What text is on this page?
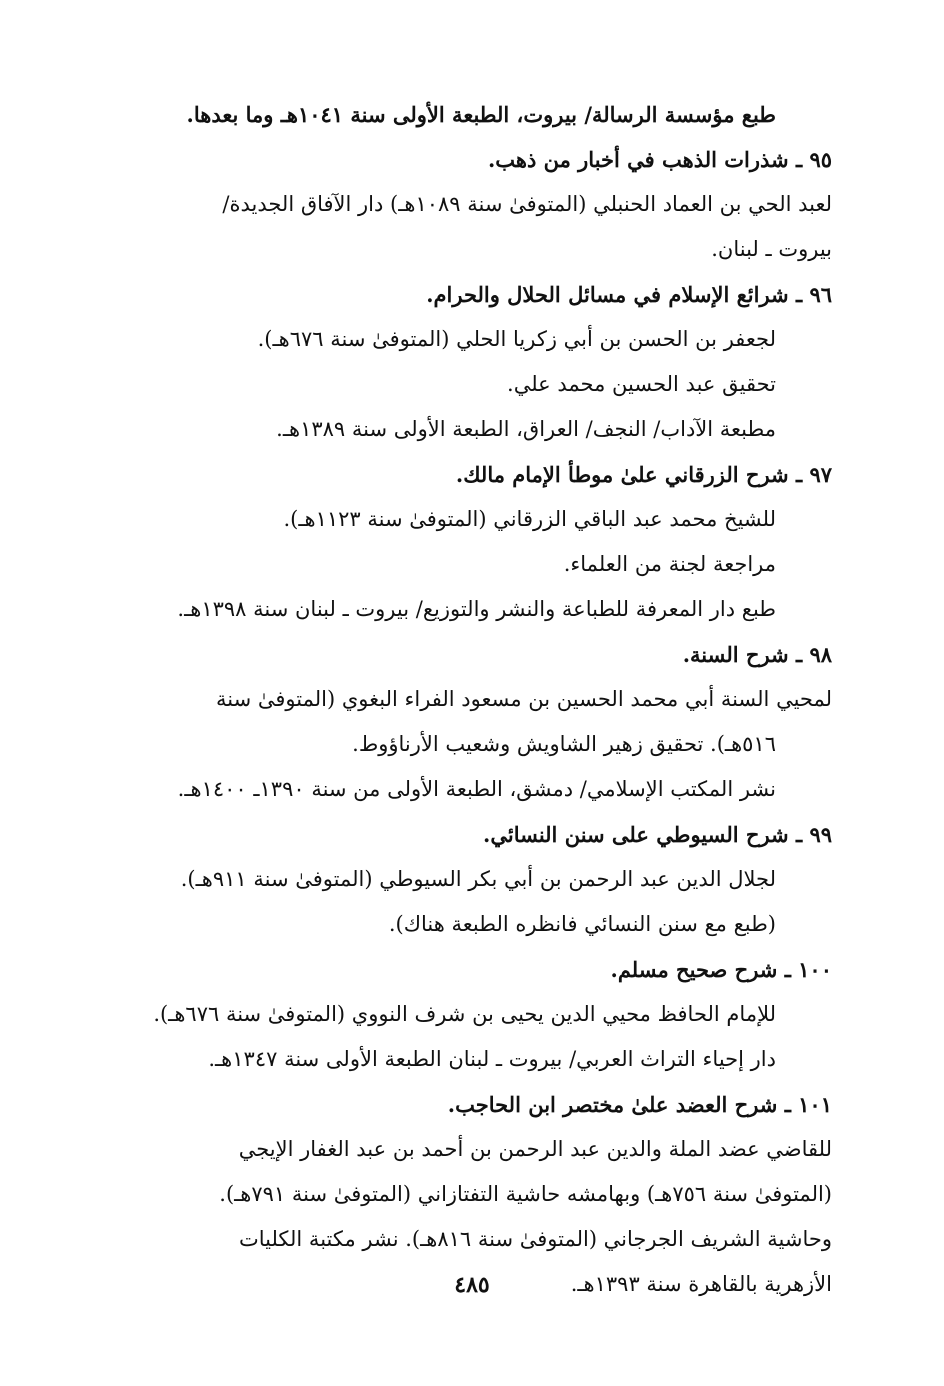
طبع مؤسسة الرسالة/ بيروت، الطبعة الأولى سنة ١٠٤١هـ وما بعدها.
٩٥ ـ شذرات الذهب في أخبار من ذهب.
لعبد الحي بن العماد الحنبلي (المتوفىٰ سنة ١٠٨٩هـ) دار الآفاق الجديدة/
بيروت ـ لبنان.
٩٦ ـ شرائع الإسلام في مسائل الحلال والحرام.
لجعفر بن الحسن بن أبي زكريا الحلي (المتوفىٰ سنة ٦٧٦هـ).
تحقيق عبد الحسين محمد علي.
مطبعة الآداب/ النجف/ العراق، الطبعة الأولى سنة ١٣٨٩هـ.
٩٧ ـ شرح الزرقاني علىٰ موطأ الإمام مالك.
للشيخ محمد عبد الباقي الزرقاني (المتوفىٰ سنة ١١٢٣هـ).
مراجعة لجنة من العلماء.
طبع دار المعرفة للطباعة والنشر والتوزيع/ بيروت ـ لبنان سنة ١٣٩٨هـ.
٩٨ ـ شرح السنة.
لمحيي السنة أبي محمد الحسين بن مسعود الفراء البغوي (المتوفىٰ سنة
٥١٦هـ). تحقيق زهير الشاويش وشعيب الأرناؤوط.
نشر المكتب الإسلامي/ دمشق، الطبعة الأولى من سنة ١٣٩٠ـ ١٤٠٠هـ.
٩٩ ـ شرح السيوطي على سنن النسائي.
لجلال الدين عبد الرحمن بن أبي بكر السيوطي (المتوفىٰ سنة ٩١١هـ).
(طبع مع سنن النسائي فانظره الطبعة هناك).
١٠٠ ـ شرح صحيح مسلم.
للإمام الحافظ محيي الدين يحيى بن شرف النووي (المتوفىٰ سنة ٦٧٦هـ).
دار إحياء التراث العربي/ بيروت ـ لبنان الطبعة الأولى سنة ١٣٤٧هـ.
١٠١ ـ شرح العضد علىٰ مختصر ابن الحاجب.
للقاضي عضد الملة والدين عبد الرحمن بن أحمد بن عبد الغفار الإيجي
(المتوفىٰ سنة ٧٥٦هـ) وبهامشه حاشية التفتازاني (المتوفىٰ سنة ٧٩١هـ).
وحاشية الشريف الجرجاني (المتوفىٰ سنة ٨١٦هـ). نشر مكتبة الكليات
الأزهرية بالقاهرة سنة ١٣٩٣هـ.
٤٨٥
